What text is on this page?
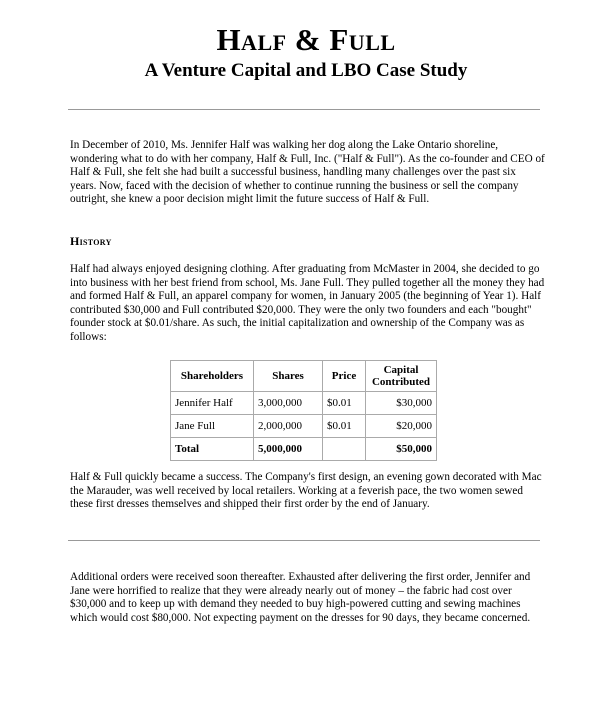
Half & Full
A Venture Capital and LBO Case Study
In December of 2010, Ms. Jennifer Half was walking her dog along the Lake Ontario shoreline, wondering what to do with her company, Half & Full, Inc. ("Half & Full"). As the co-founder and CEO of Half & Full, she felt she had built a successful business, handling many challenges over the past six years. Now, faced with the decision of whether to continue running the business or sell the company outright, she knew a poor decision might limit the future success of Half & Full.
History
Half had always enjoyed designing clothing. After graduating from McMaster in 2004, she decided to go into business with her best friend from school, Ms. Jane Full. They pulled together all the money they had and formed Half & Full, an apparel company for women, in January 2005 (the beginning of Year 1). Half contributed $30,000 and Full contributed $20,000. They were the only two founders and each "bought" founder stock at $0.01/share. As such, the initial capitalization and ownership of the Company was as follows:
Shareholders	Shares	Price	Capital Contributed
Jennifer Half	3,000,000	$0.01	$30,000
Jane Full	2,000,000	$0.01	$20,000
Total	5,000,000		$50,000
Half & Full quickly became a success. The Company's first design, an evening gown decorated with Mac the Marauder, was well received by local retailers. Working at a feverish pace, the two women sewed these first dresses themselves and shipped their first order by the end of January.
Additional orders were received soon thereafter. Exhausted after delivering the first order, Jennifer and Jane were horrified to realize that they were already nearly out of money – the fabric had cost over $30,000 and to keep up with demand they needed to buy high-powered cutting and sewing machines which would cost $80,000. Not expecting payment on the dresses for 90 days, they became concerned.
